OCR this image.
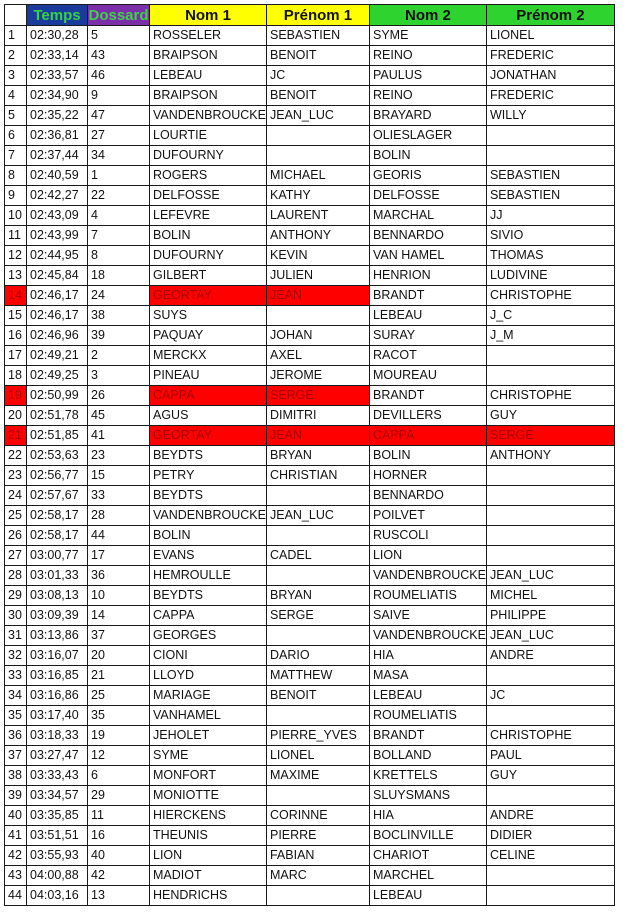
	Temps	Dossard	Nom 1	Prénom 1	Nom 2	Prénom 2
1	02:30,28	5	ROSSELER	SEBASTIEN	SYME	LIONEL
2	02:33,14	43	BRAIPSON	BENOIT	REINO	FREDERIC
3	02:33,57	46	LEBEAU	JC	PAULUS	JONATHAN
4	02:34,90	9	BRAIPSON	BENOIT	REINO	FREDERIC
5	02:35,22	47	VANDENBROUCKE	JEAN_LUC	BRAYARD	WILLY
6	02:36,81	27	LOURTIE		OLIESLAGER	
7	02:37,44	34	DUFOURNY		BOLIN	
8	02:40,59	1	ROGERS	MICHAEL	GEORIS	SEBASTIEN
9	02:42,27	22	DELFOSSE	KATHY	DELFOSSE	SEBASTIEN
10	02:43,09	4	LEFEVRE	LAURENT	MARCHAL	JJ
11	02:43,99	7	BOLIN	ANTHONY	BENNARDO	SIVIO
12	02:44,95	8	DUFOURNY	KEVIN	VAN HAMEL	THOMAS
13	02:45,84	18	GILBERT	JULIEN	HENRION	LUDIVINE
14	02:46,17	24	GEORTAY	JEAN	BRANDT	CHRISTOPHE
15	02:46,17	38	SUYS		LEBEAU	J_C
16	02:46,96	39	PAQUAY	JOHAN	SURAY	J_M
17	02:49,21	2	MERCKX	AXEL	RACOT	
18	02:49,25	3	PINEAU	JEROME	MOUREAU	
19	02:50,99	26	CAPPA	SERGE	BRANDT	CHRISTOPHE
20	02:51,78	45	AGUS	DIMITRI	DEVILLERS	GUY
21	02:51,85	41	GEORTAY	JEAN	CAPPA	SERGE
22	02:53,63	23	BEYDTS	BRYAN	BOLIN	ANTHONY
23	02:56,77	15	PETRY	CHRISTIAN	HORNER	
24	02:57,67	33	BEYDTS		BENNARDO	
25	02:58,17	28	VANDENBROUCKE	JEAN_LUC	POILVET	
26	02:58,17	44	BOLIN		RUSCOLI	
27	03:00,77	17	EVANS	CADEL	LION	
28	03:01,33	36	HEMROULLE		VANDENBROUCKE	JEAN_LUC
29	03:08,13	10	BEYDTS	BRYAN	ROUMELIATIS	MICHEL
30	03:09,39	14	CAPPA	SERGE	SAIVE	PHILIPPE
31	03:13,86	37	GEORGES		VANDENBROUCKE	JEAN_LUC
32	03:16,07	20	CIONI	DARIO	HIA	ANDRE
33	03:16,85	21	LLOYD	MATTHEW	MASA	
34	03:16,86	25	MARIAGE	BENOIT	LEBEAU	JC
35	03:17,40	35	VANHAMEL		ROUMELIATIS	
36	03:18,33	19	JEHOLET	PIERRE_YVES	BRANDT	CHRISTOPHE
37	03:27,47	12	SYME	LIONEL	BOLLAND	PAUL
38	03:33,43	6	MONFORT	MAXIME	KRETTELS	GUY
39	03:34,57	29	MONIOTTE		SLUYSMANS	
40	03:35,85	11	HIERCKENS	CORINNE	HIA	ANDRE
41	03:51,51	16	THEUNIS	PIERRE	BOCLINVILLE	DIDIER
42	03:55,93	40	LION	FABIAN	CHARIOT	CELINE
43	04:00,88	42	MADIOT	MARC	MARCHEL	
44	04:03,16	13	HENDRICHS		LEBEAU	
